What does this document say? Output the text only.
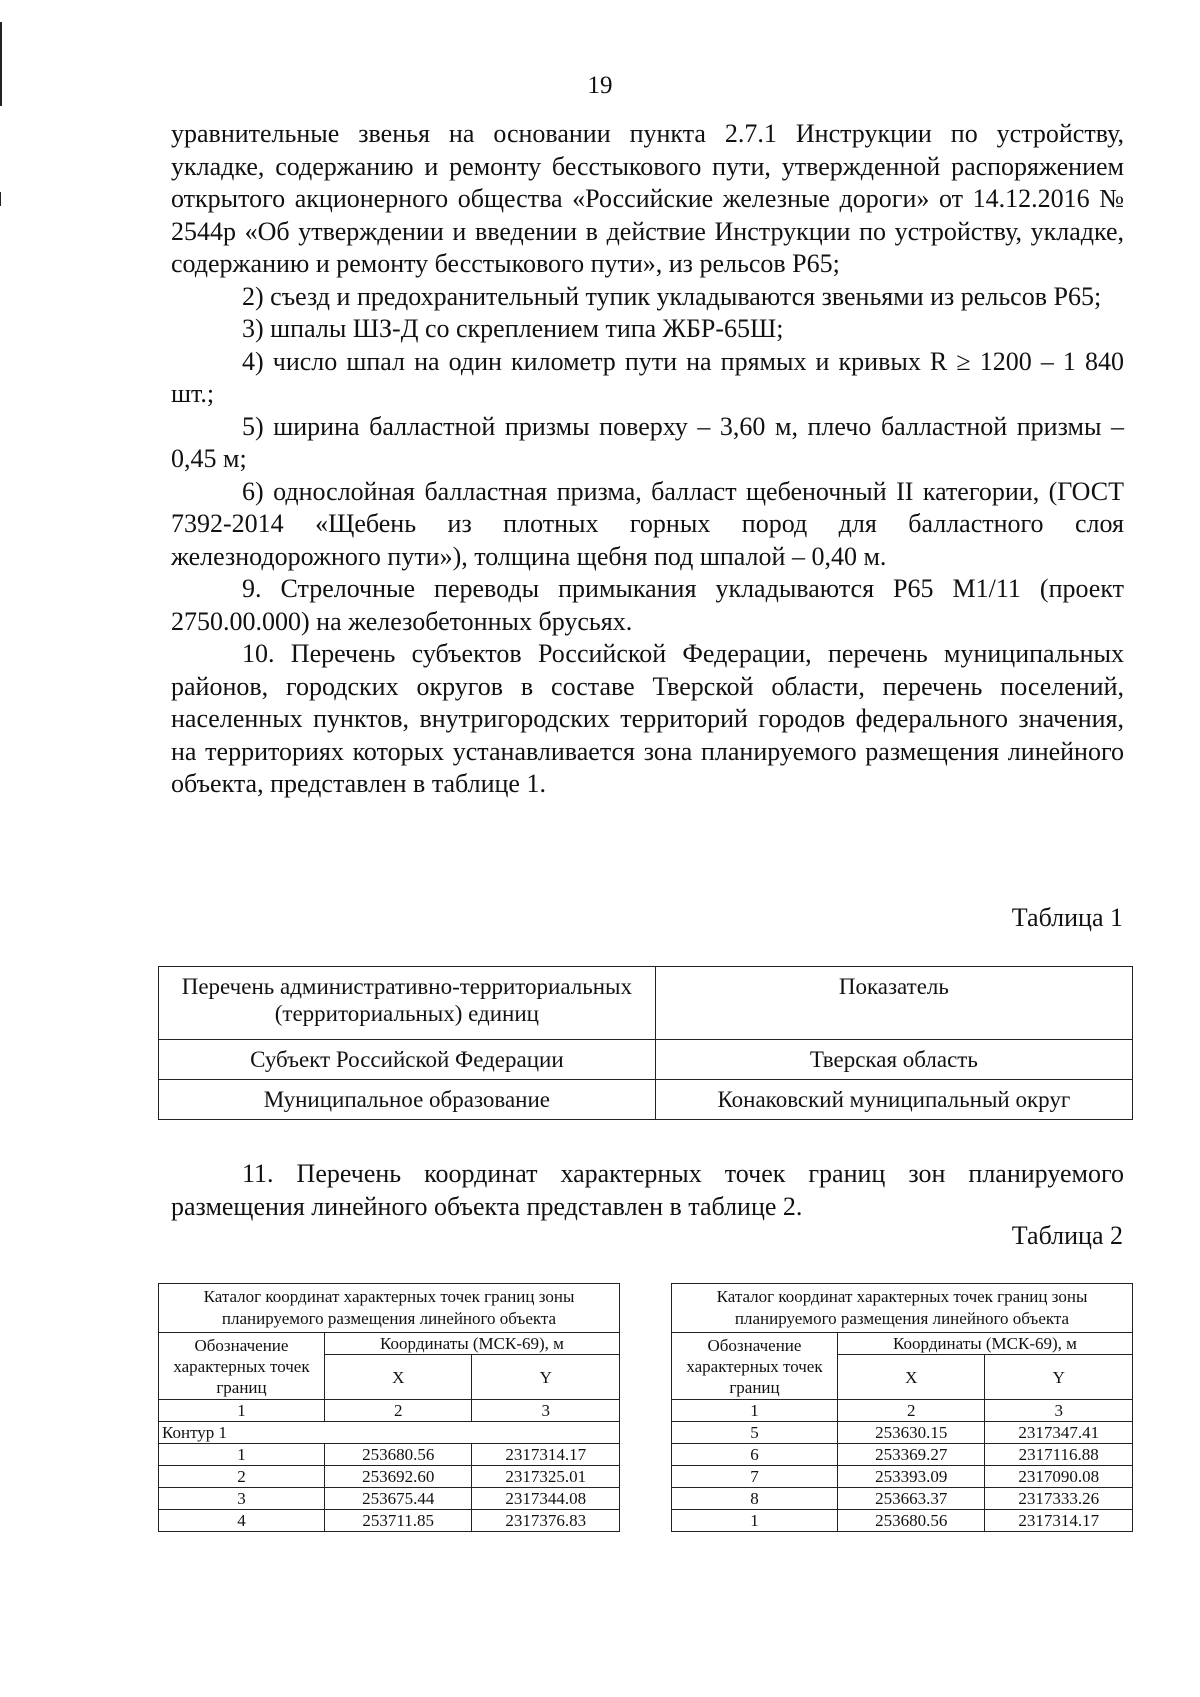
19

уравнительные звенья на основании пункта 2.7.1 Инструкции по устройству, укладке, содержанию и ремонту бесстыкового пути, утвержденной распоряжением открытого акционерного общества «Российские железные дороги» от 14.12.2016 № 2544р «Об утверждении и введении в действие Инструкции по устройству, укладке, содержанию и ремонту бесстыкового пути», из рельсов Р65;

2) съезд и предохранительный тупик укладываются звеньями из рельсов Р65;

3) шпалы ШЗ-Д со скреплением типа ЖБР-65Ш;

4) число шпал на один километр пути на прямых и кривых R ≥ 1200 – 1 840 шт.;

5) ширина балластной призмы поверху – 3,60 м, плечо балластной призмы – 0,45 м;

6) однослойная балластная призма, балласт щебеночный II категории, (ГОСТ 7392-2014 «Щебень из плотных горных пород для балластного слоя железнодорожного пути»), толщина щебня под шпалой – 0,40 м.

9. Стрелочные переводы примыкания укладываются Р65 М1/11 (проект 2750.00.000) на железобетонных брусьях.

10. Перечень субъектов Российской Федерации, перечень муниципальных районов, городских округов в составе Тверской области, перечень поселений, населенных пунктов, внутригородских территорий городов федерального значения, на территориях которых устанавливается зона планируемого размещения линейного объекта, представлен в таблице 1.

Таблица 1
Перечень административно-территориальных (территориальных) единиц	Показатель
Субъект Российской Федерации	Тверская область
Муниципальное образование	Конаковский муниципальный округ

11. Перечень координат характерных точек границ зон планируемого размещения линейного объекта представлен в таблице 2.

Таблица 2
Каталог координат характерных точек границ зоны планируемого размещения линейного объекта		
Обозначение характерных точек границ	Координаты (МСК-69), м	
	X	Y
1	2	3
Контур 1		
1	253680.56	2317314.17
2	253692.60	2317325.01
3	253675.44	2317344.08
4	253711.85	2317376.83
Каталог координат характерных точек границ зоны планируемого размещения линейного объекта		
Обозначение характерных точек границ	Координаты (МСК-69), м	
	X	Y
1	2	3
5	253630.15	2317347.41
6	253369.27	2317116.88
7	253393.09	2317090.08
8	253663.37	2317333.26
1	253680.56	2317314.17
